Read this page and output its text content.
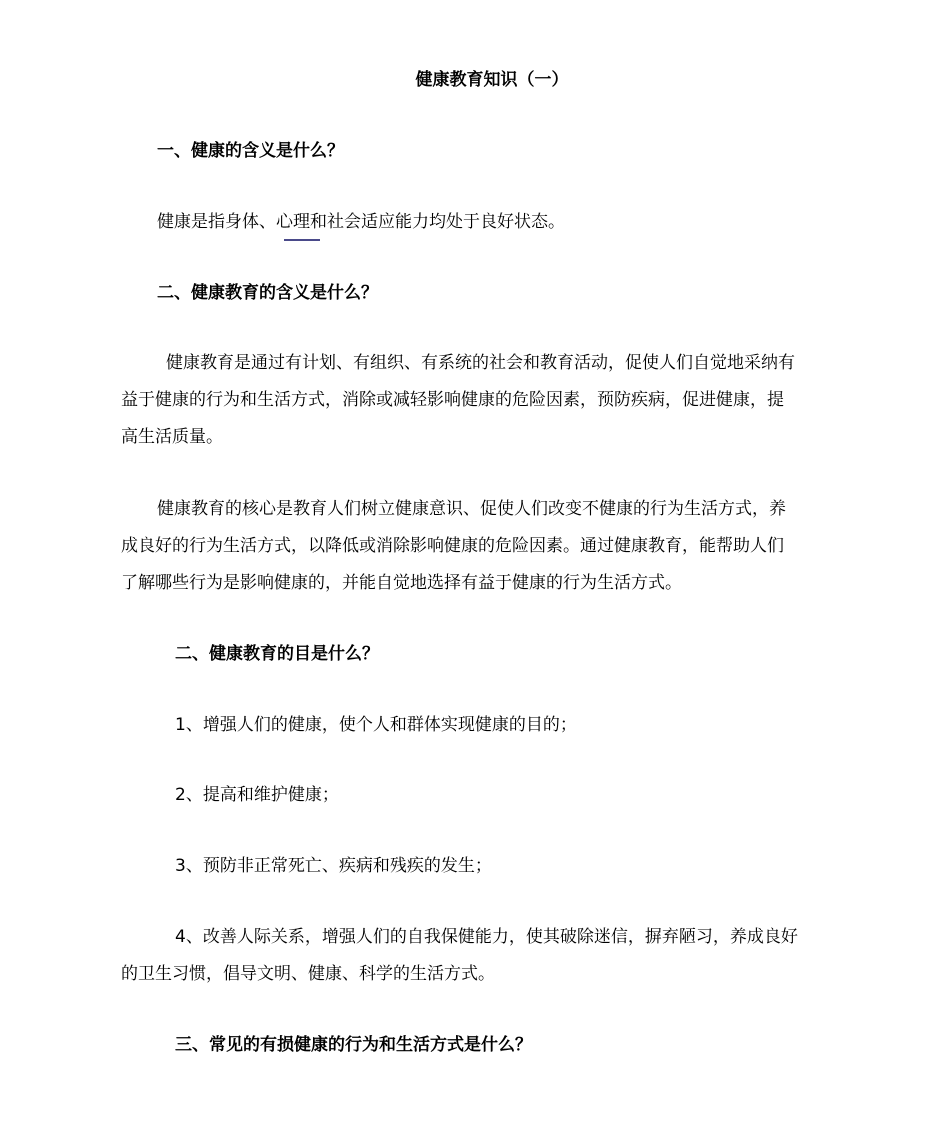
健康教育知识（一）
一、健康的含义是什么？
健康是指身体、心理和社会适应能力均处于良好状态。
二、健康教育的含义是什么？
健康教育是通过有计划、有组织、有系统的社会和教育活动，促使人们自觉地采纳有
益于健康的行为和生活方式，消除或减轻影响健康的危险因素，预防疾病，促进健康，提
高生活质量。
健康教育的核心是教育人们树立健康意识、促使人们改变不健康的行为生活方式，养
成良好的行为生活方式，以降低或消除影响健康的危险因素。通过健康教育，能帮助人们
了解哪些行为是影响健康的，并能自觉地选择有益于健康的行为生活方式。
二、健康教育的目是什么？
1、增强人们的健康，使个人和群体实现健康的目的；
2、提高和维护健康；
3、预防非正常死亡、疾病和残疾的发生；
4、改善人际关系，增强人们的自我保健能力，使其破除迷信，摒弃陋习，养成良好
的卫生习惯，倡导文明、健康、科学的生活方式。
三、常见的有损健康的行为和生活方式是什么？
